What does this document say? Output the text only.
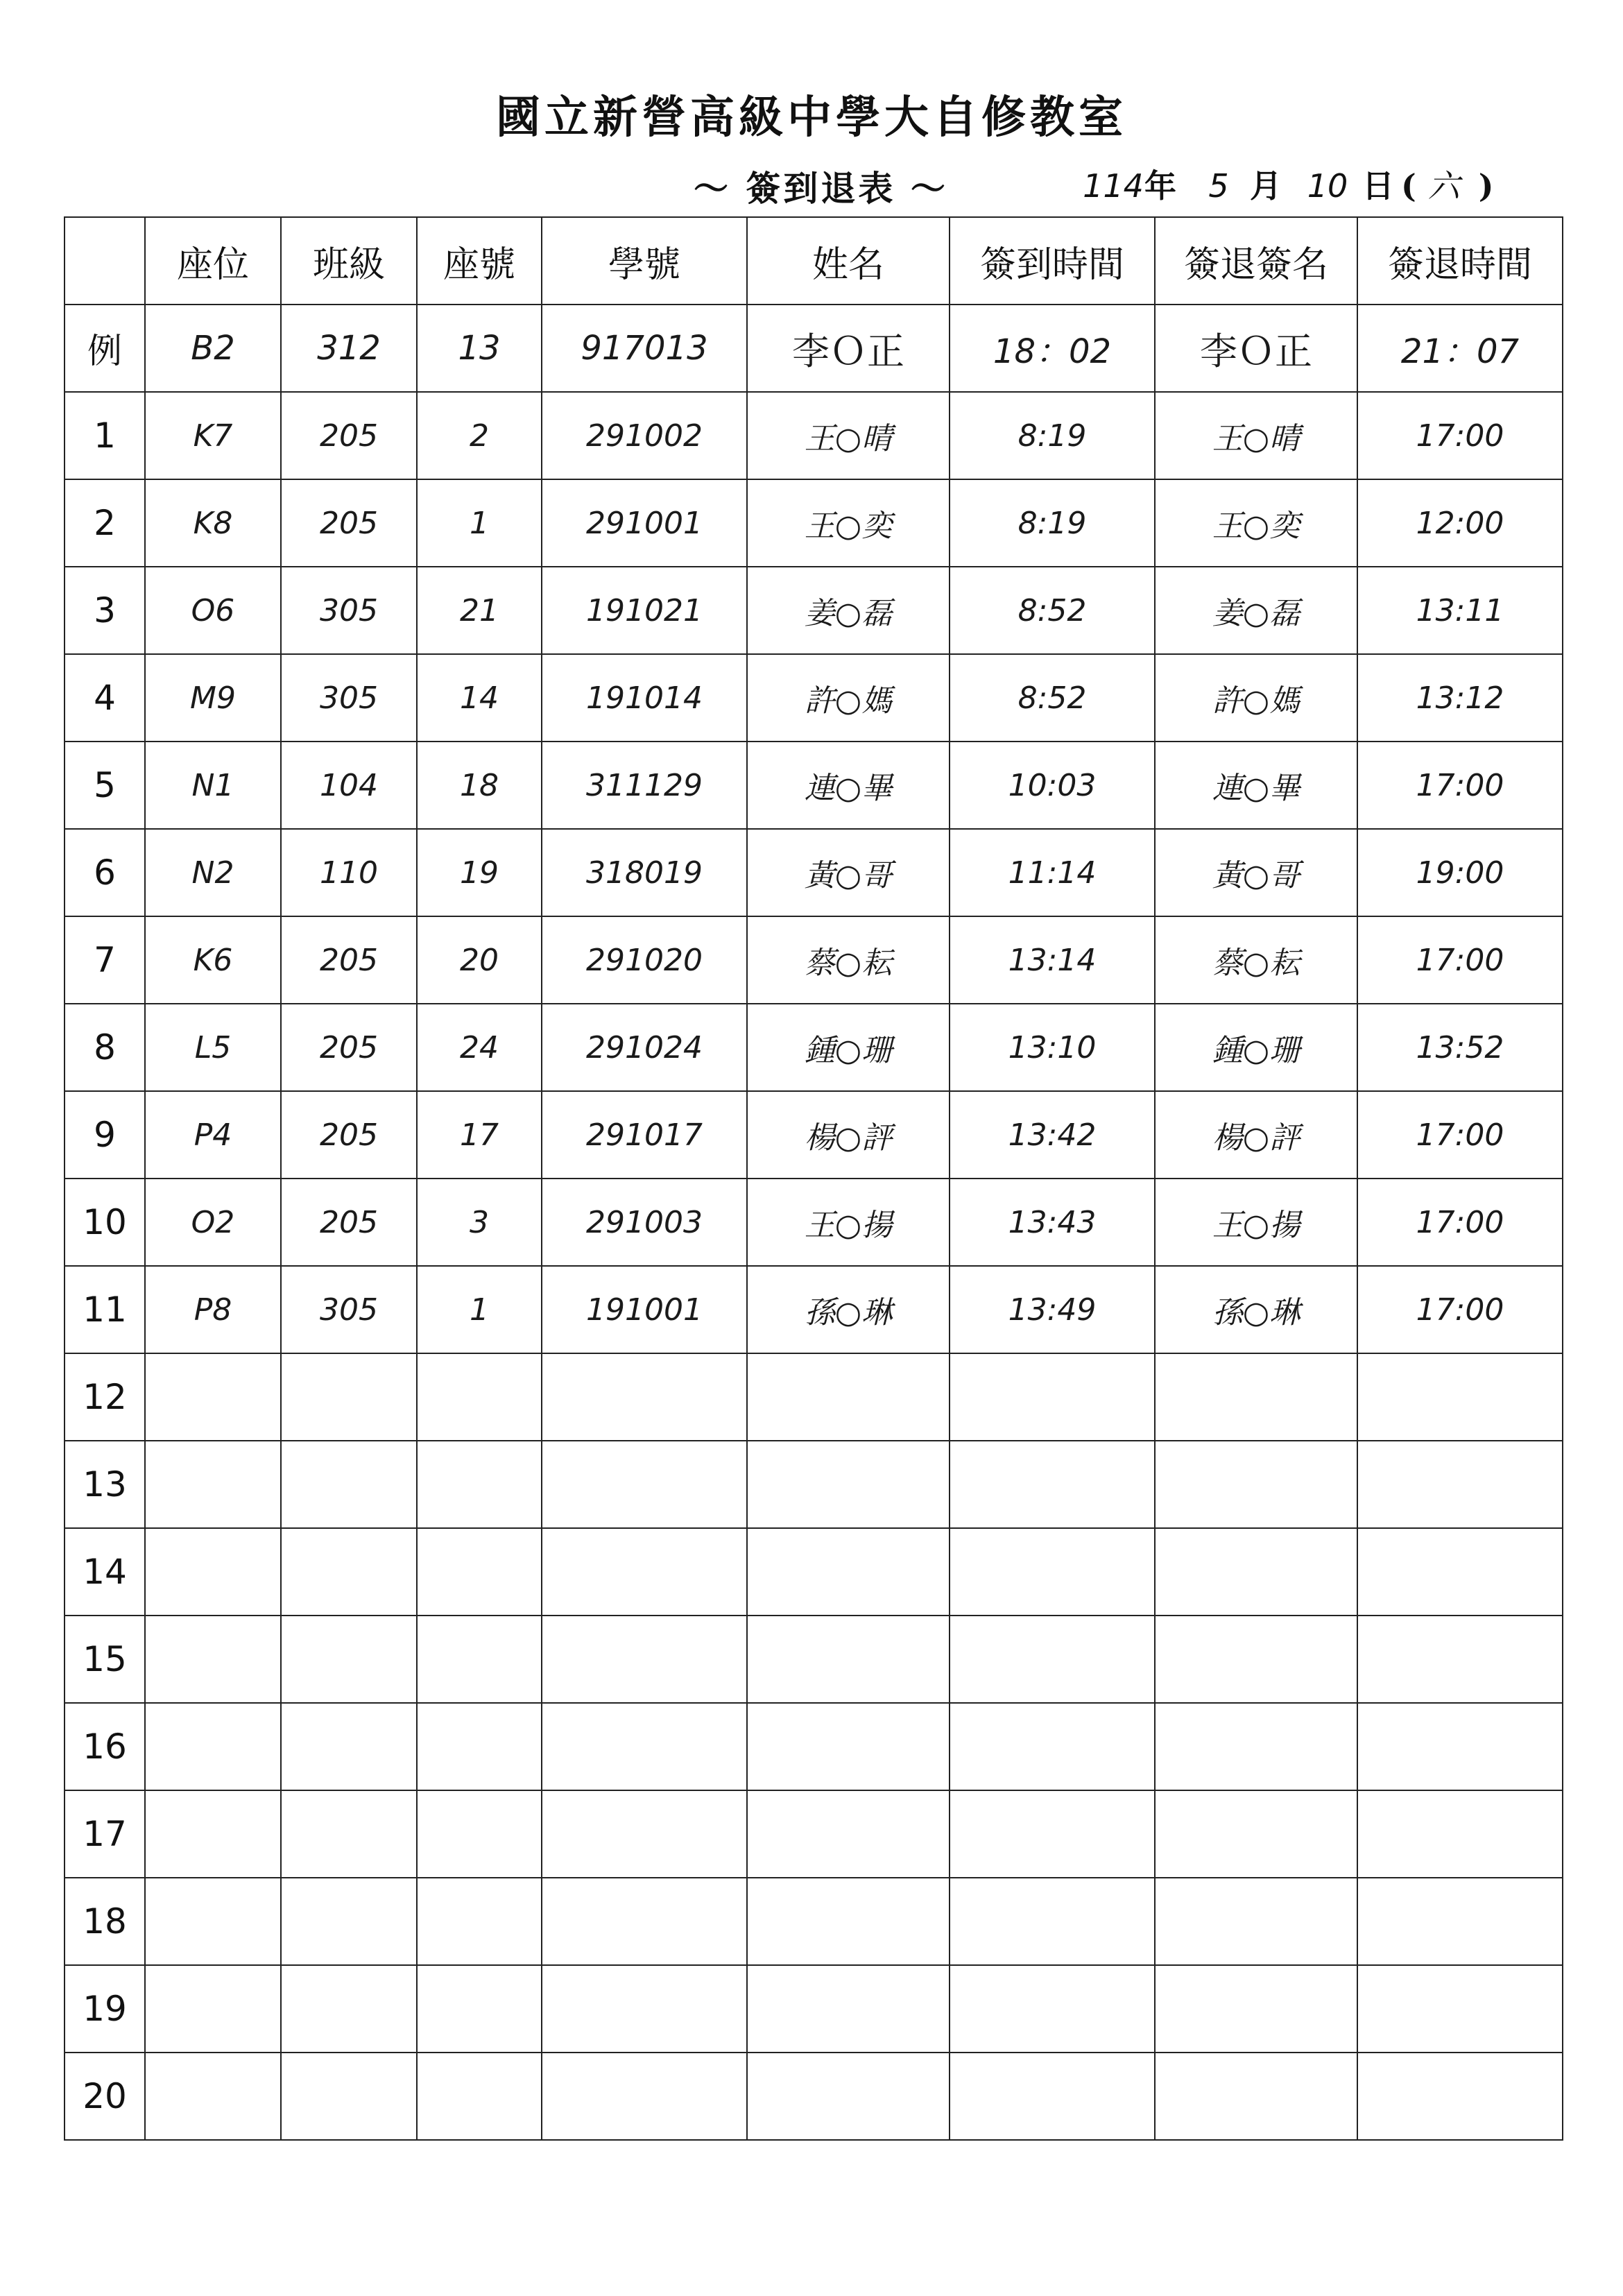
國立新營高級中學大自修教室
～ 簽到退表 ～	114年 5 月 10 日 ( 六 )
	座位	班級	座號	學號	姓名	簽到時間	簽退簽名	簽退時間
例	B2	312	13	917013	李Ｏ正	18：02	李Ｏ正	21：07
1	K7	205	2	291002	王○晴	8:19	王○晴	17:00
2	K8	205	1	291001	王○奕	8:19	王○奕	12:00
3	O6	305	21	191021	姜○磊	8:52	姜○磊	13:11
4	M9	305	14	191014	許○媽	8:52	許○媽	13:12
5	N1	104	18	311129	連○畢	10:03	連○畢	17:00
6	N2	110	19	318019	黃○哥	11:14	黃○哥	19:00
7	K6	205	20	291020	蔡○耘	13:14	蔡○耘	17:00
8	L5	205	24	291024	鍾○珊	13:10	鍾○珊	13:52
9	P4	205	17	291017	楊○評	13:42	楊○評	17:00
10	O2	205	3	291003	王○揚	13:43	王○揚	17:00
11	P8	305	1	191001	孫○琳	13:49	孫○琳	17:00
12								
13								
14								
15								
16								
17								
18								
19								
20								
